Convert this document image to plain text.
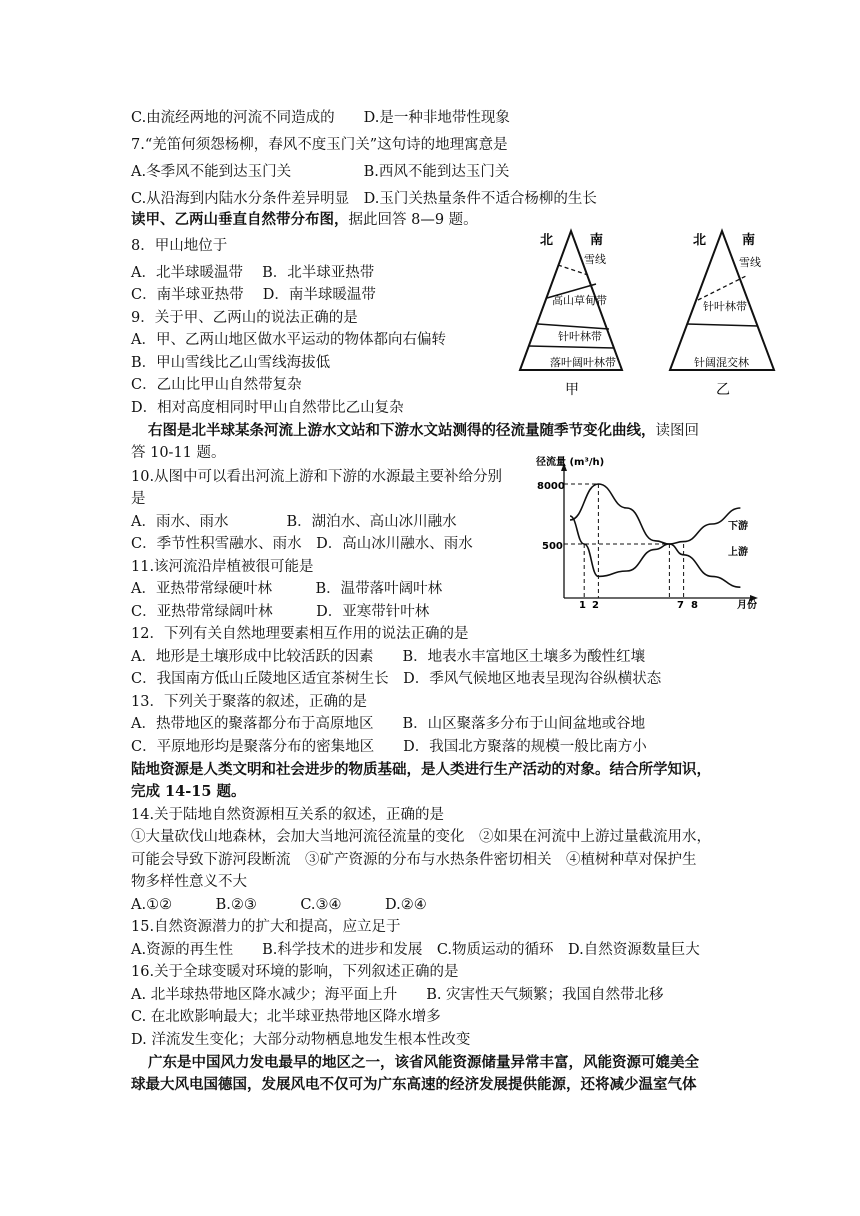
C.由流经两地的河流不同造成的　　D.是一种非地带性现象
7.“羌笛何须怨杨柳，春风不度玉门关”这句诗的地理寓意是
A.冬季风不能到达玉门关　　　　　B.西风不能到达玉门关
C.从沿海到内陆水分条件差异明显　D.玉门关热量条件不适合杨柳的生长
读甲、乙两山垂直自然带分布图，据此回答 8—9 题。
8．甲山地位于
A．北半球暖温带　 B．北半球亚热带
C．南半球亚热带　 D．南半球暖温带
9．关于甲、乙两山的说法正确的是
A．甲、乙两山地区做水平运动的物体都向右偏转
B．甲山雪线比乙山雪线海拔低
C．乙山比甲山自然带复杂
D．相对高度相同时甲山自然带比乙山复杂
右图是北半球某条河流上游水文站和下游水文站测得的径流量随季节变化曲线，读图回
答 10-11 题。
10.从图中可以看出河流上游和下游的水源最主要补给分别
是
A．雨水、雨水　　　　B．湖泊水、高山冰川融水
C．季节性积雪融水、雨水　D．高山冰川融水、雨水
11.该河流沿岸植被很可能是
A．亚热带常绿硬叶林　　　B．温带落叶阔叶林
C．亚热带常绿阔叶林　　　D．亚寒带针叶林
12．下列有关自然地理要素相互作用的说法正确的是
A．地形是土壤形成中比较活跃的因素　　B．地表水丰富地区土壤多为酸性红壤
C．我国南方低山丘陵地区适宜茶树生长　D．季风气候地区地表呈现沟谷纵横状态
13．下列关于聚落的叙述，正确的是
A．热带地区的聚落都分布于高原地区　　B．山区聚落多分布于山间盆地或谷地
C．平原地形均是聚落分布的密集地区　　D．我国北方聚落的规模一般比南方小
陆地资源是人类文明和社会进步的物质基础，是人类进行生产活动的对象。结合所学知识，
完成 14-15 题。
14.关于陆地自然资源相互关系的叙述，正确的是
①大量砍伐山地森林，会加大当地河流径流量的变化　②如果在河流中上游过量截流用水，
可能会导致下游河段断流　③矿产资源的分布与水热条件密切相关　④植树种草对保护生
物多样性意义不大
A.①②　　　B.②③　　　C.③④　　　D.②④
15.自然资源潜力的扩大和提高，应立足于
A.资源的再生性　　B.科学技术的进步和发展　C.物质运动的循环　D.自然资源数量巨大
16.关于全球变暖对环境的影响，下列叙述正确的是
A. 北半球热带地区降水减少；海平面上升　　B. 灾害性天气频繁；我国自然带北移
C. 在北欧影响最大；北半球亚热带地区降水增多
D. 洋流发生变化；大部分动物栖息地发生根本性改变
广东是中国风力发电最早的地区之一，该省风能资源储量异常丰富，风能资源可媲美全
球最大风电国德国，发展风电不仅可为广东高速的经济发展提供能源，还将减少温室气体
北	南
雪线
高山草甸带
针叶林带
落叶阔叶林带
甲
北	南
雪线
针叶林带
针阔混交林
乙
径流量 (m³/h)
月份
8000
500
1 2	7 8
下游
上游
